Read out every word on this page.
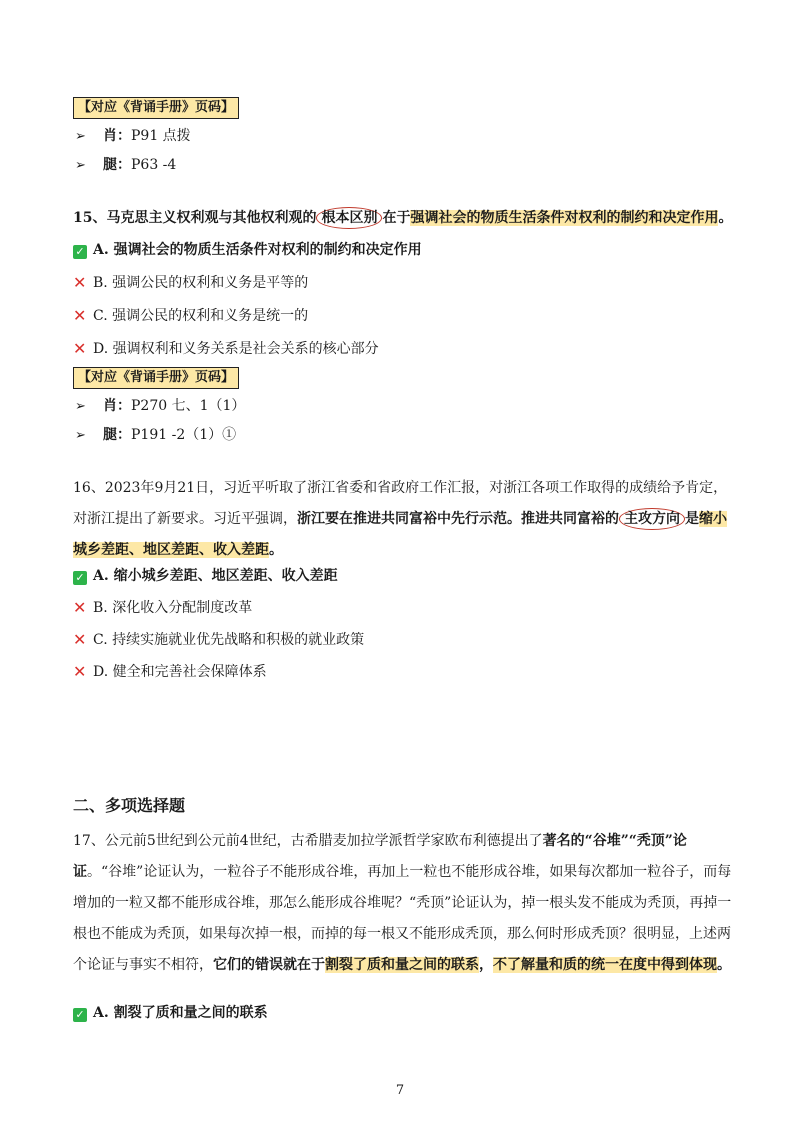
【对应《背诵手册》页码】
➢ 肖：P91 点拨
➢ 腿：P63 -4
15、马克思主义权利观与其他权利观的 根本区别 在于强调社会的物质生活条件对权利的制约和决定作用。
✓ A. 强调社会的物质生活条件对权利的制约和决定作用
✕ B. 强调公民的权利和义务是平等的
✕ C. 强调公民的权利和义务是统一的
✕ D. 强调权利和义务关系是社会关系的核心部分
【对应《背诵手册》页码】
➢ 肖：P270 七、1（1）
➢ 腿：P191 -2（1）①
16、2023年9月21日，习近平听取了浙江省委和省政府工作汇报，对浙江各项工作取得的成绩给予肯定，对浙江提出了新要求。习近平强调，浙江要在推进共同富裕中先行示范。推进共同富裕的 主攻方向 是缩小城乡差距、地区差距、收入差距。
✓ A. 缩小城乡差距、地区差距、收入差距
✕ B. 深化收入分配制度改革
✕ C. 持续实施就业优先战略和积极的就业政策
✕ D. 健全和完善社会保障体系
二、多项选择题
17、公元前5世纪到公元前4世纪，古希腊麦加拉学派哲学家欧布利德提出了著名的“谷堆”“秃顶”论证。“谷堆”论证认为，一粒谷子不能形成谷堆，再加上一粒也不能形成谷堆，如果每次都加一粒谷子，而每增加的一粒又都不能形成谷堆，那怎么能形成谷堆呢？“秃顶”论证认为，掉一根头发不能成为秃顶，再掉一根也不能成为秃顶，如果每次掉一根，而掉的每一根又不能形成秃顶，那么何时形成秃顶？很明显，上述两个论证与事实不相符，它们的错误就在于割裂了质和量之间的联系，不了解量和质的统一在度中得到体现。
✓ A. 割裂了质和量之间的联系
7
